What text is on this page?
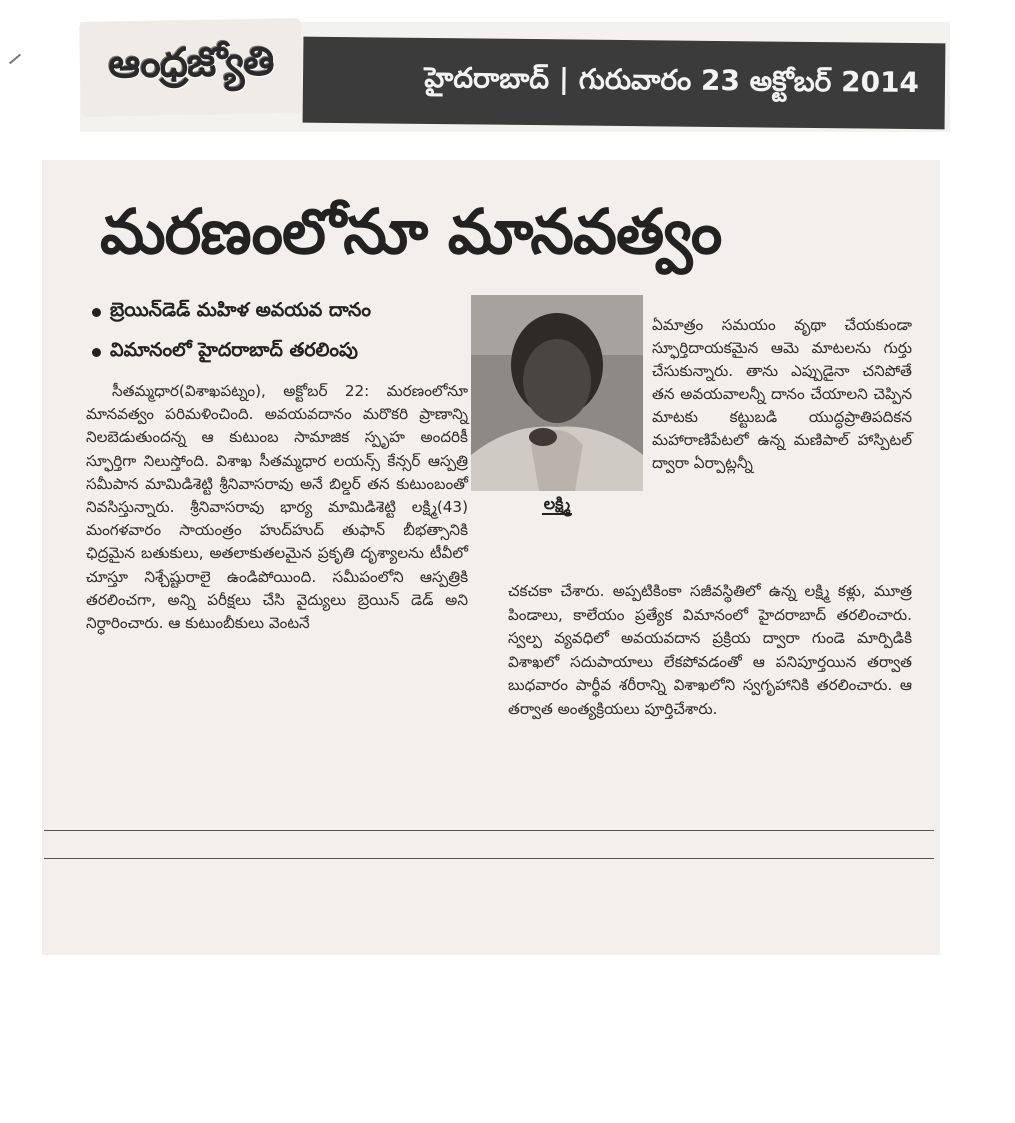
ఆంధ్రజ్యోతి	హైదరాబాద్ | గురువారం 23 అక్టోబర్ 2014
మరణంలోనూ మానవత్వం
బ్రెయిన్‌డెడ్ మహిళ అవయవ దానం
విమానంలో హైదరాబాద్ తరలింపు
సీతమ్మధార(విశాఖపట్నం), అక్టోబర్ 22: మరణంలోనూ మానవత్వం పరిమళించింది. అవయవదానం మరొకరి ప్రాణాన్ని నిలబెడుతుందన్న ఆ కుటుంబ సామాజిక స్పృహ అందరికీ స్ఫూర్తిగా నిలుస్తోంది. విశాఖ సీతమ్మధార లయన్స్ కేన్సర్ ఆస్పత్రి సమీపాన మామిడిశెట్టి శ్రీనివాసరావు అనే బిల్డర్ తన కుటుంబంతో నివసిస్తున్నారు. శ్రీనివాసరావు భార్య మామిడిశెట్టి లక్ష్మి(43) మంగళవారం సాయంత్రం హుద్‌హుద్ తుఫాన్ బీభత్సానికి ఛిద్రమైన బతుకులు, అతలాకుతలమైన ప్రకృతి దృశ్యాలను టీవీలో చూస్తూ నిశ్చేష్టురాలై ఉండిపోయింది. సమీపంలోని ఆస్పత్రికి తరలించగా, అన్ని పరీక్షలు చేసి వైద్యులు బ్రెయిన్ డెడ్ అని నిర్ధారించారు. ఆ కుటుంబీకులు వెంటనే
లక్ష్మి
ఏమాత్రం సమయం వృథా చేయకుండా స్ఫూర్తిదాయకమైన ఆమె మాటలను గుర్తు చేసుకున్నారు. తాను ఎప్పుడైనా చనిపోతే తన అవయవాలన్నీ దానం చేయాలని చెప్పిన మాటకు కట్టుబడి యుద్ధప్రాతిపదికన మహారాణిపేటలో ఉన్న మణిపాల్ హాస్పిటల్ ద్వారా ఏర్పాట్లన్నీ
చకచకా చేశారు. అప్పటికింకా సజీవస్థితిలో ఉన్న లక్ష్మి కళ్లు, మూత్ర పిండాలు, కాలేయం ప్రత్యేక విమానంలో హైదరాబాద్ తరలించారు. స్వల్ప వ్యవధిలో అవయవదాన ప్రక్రియ ద్వారా గుండె మార్పిడికి విశాఖలో సదుపాయాలు లేకపోవడంతో ఆ పనిపూర్తయిన తర్వాత బుధవారం పార్థీవ శరీరాన్ని విశాఖలోని స్వగృహానికి తరలించారు. ఆ తర్వాత అంత్యక్రియలు పూర్తిచేశారు.
